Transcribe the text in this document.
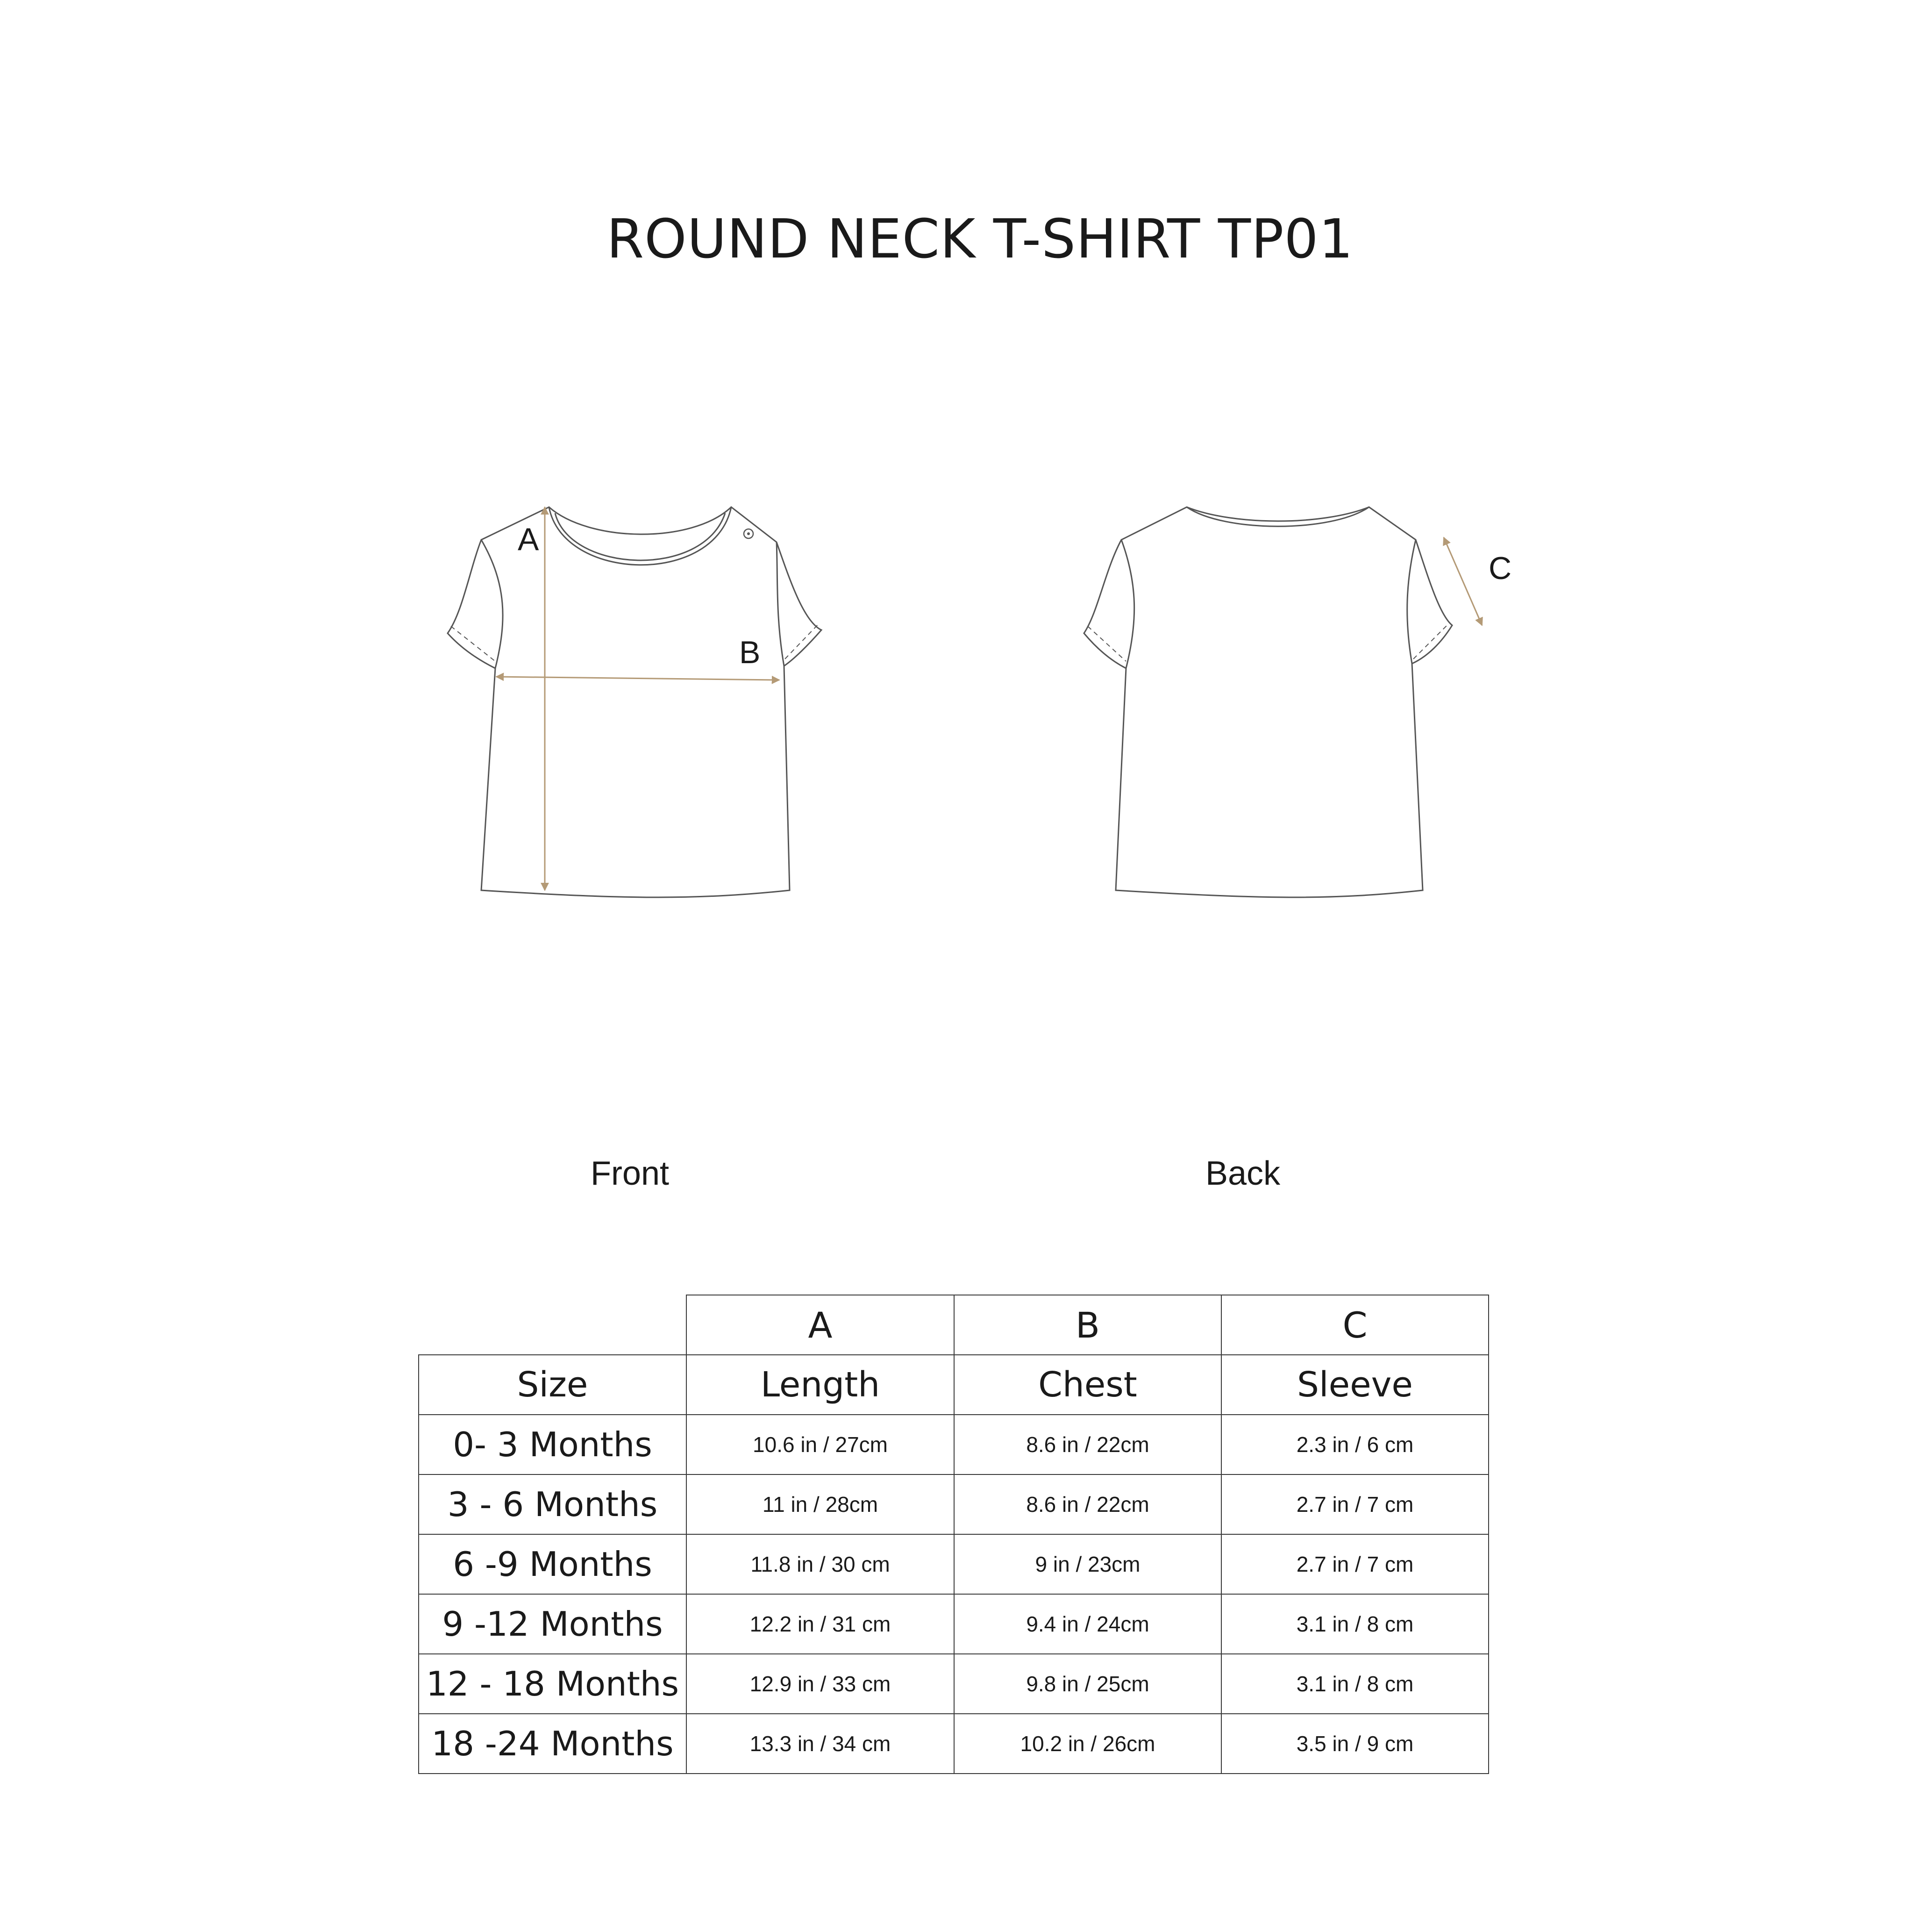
ROUND NECK T-SHIRT TP01
A
B
C
Front	Back
	A	B	C
Size	Length	Chest	Sleeve
0- 3 Months	10.6 in / 27cm	8.6 in / 22cm	2.3 in / 6 cm
3 - 6 Months	11 in / 28cm	8.6 in / 22cm	2.7 in / 7 cm
6 -9 Months	11.8 in / 30 cm	9 in / 23cm	2.7 in / 7 cm
9 -12 Months	12.2 in / 31 cm	9.4 in / 24cm	3.1 in / 8 cm
12 - 18 Months	12.9 in / 33 cm	9.8 in / 25cm	3.1 in / 8 cm
18 -24 Months	13.3 in / 34 cm	10.2 in / 26cm	3.5 in / 9 cm
